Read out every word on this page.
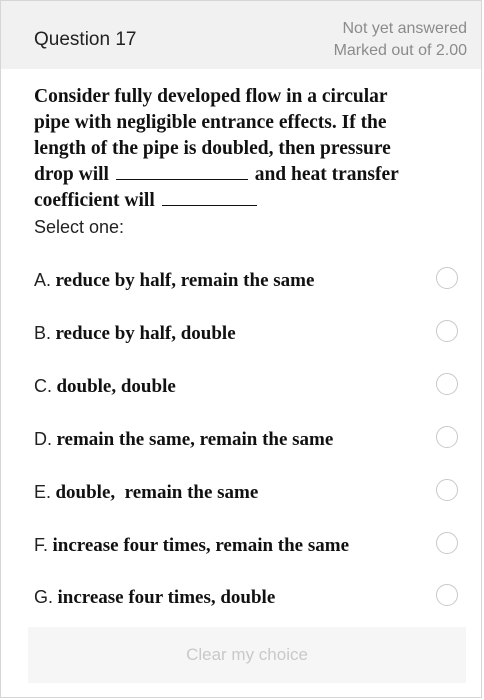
Question 17
Not yet answered
Marked out of 2.00
Consider fully developed flow in a circular
pipe with negligible entrance effects. If the
length of the pipe is doubled, then pressure
drop will	and heat transfer
coefficient will
Select one:
A. reduce by half, remain the same
B. reduce by half, double
C. double, double
D. remain the same, remain the same
E. double,  remain the same
F. increase four times, remain the same
G. increase four times, double
Clear my choice
